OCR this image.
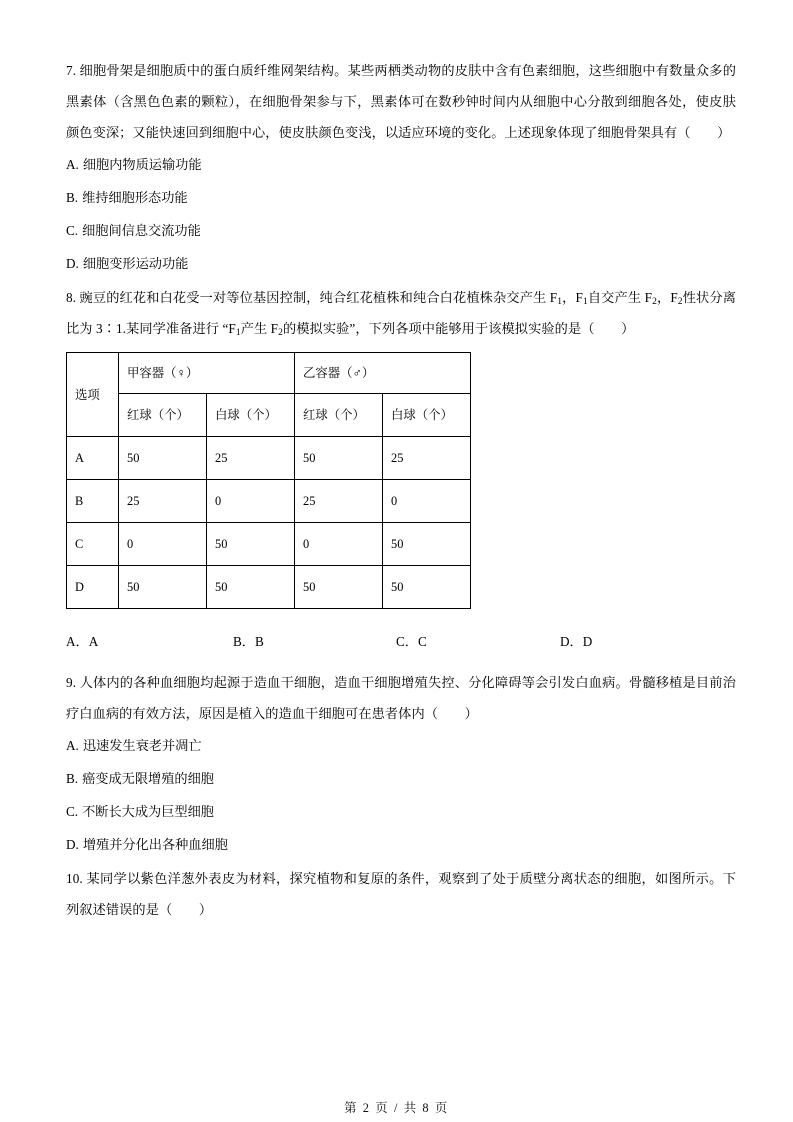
7. 细胞骨架是细胞质中的蛋白质纤维网架结构。某些两栖类动物的皮肤中含有色素细胞，这些细胞中有数量众多的黑素体（含黑色色素的颗粒），在细胞骨架参与下，黑素体可在数秒钟时间内从细胞中心分散到细胞各处，使皮肤颜色变深；又能快速回到细胞中心，使皮肤颜色变浅，以适应环境的变化。上述现象体现了细胞骨架具有（　　）

A. 细胞内物质运输功能
B. 维持细胞形态功能
C. 细胞间信息交流功能
D. 细胞变形运动功能

8. 豌豆的红花和白花受一对等位基因控制，纯合红花植株和纯合白花植株杂交产生 $F_1$，$F_1$自交产生 $F_2$，$F_2$性状分离比为 3∶1.某同学准备进行 “$F_1$产生 $F_2$的模拟实验”，下列各项中能够用于该模拟实验的是（　　）

选项	甲容器（♀）		乙容器（♂）	
	红球（个）	白球（个）	红球（个）	白球（个）
A	50	25	50	25
B	25	0	25	0
C	0	50	0	50
D	50	50	50	50
A．A	B．B	C．C	D．D

9. 人体内的各种血细胞均起源于造血干细胞，造血干细胞增殖失控、分化障碍等会引发白血病。骨髓移植是目前治疗白血病的有效方法，原因是植入的造血干细胞可在患者体内（　　）

A. 迅速发生衰老并凋亡
B. 癌变成无限增殖的细胞
C. 不断长大成为巨型细胞
D. 增殖并分化出各种血细胞

10. 某同学以紫色洋葱外表皮为材料，探究植物和复原的条件，观察到了处于质壁分离状态的细胞，如图所示。下列叙述错误的是（　　）

第 2 页 / 共 8 页
